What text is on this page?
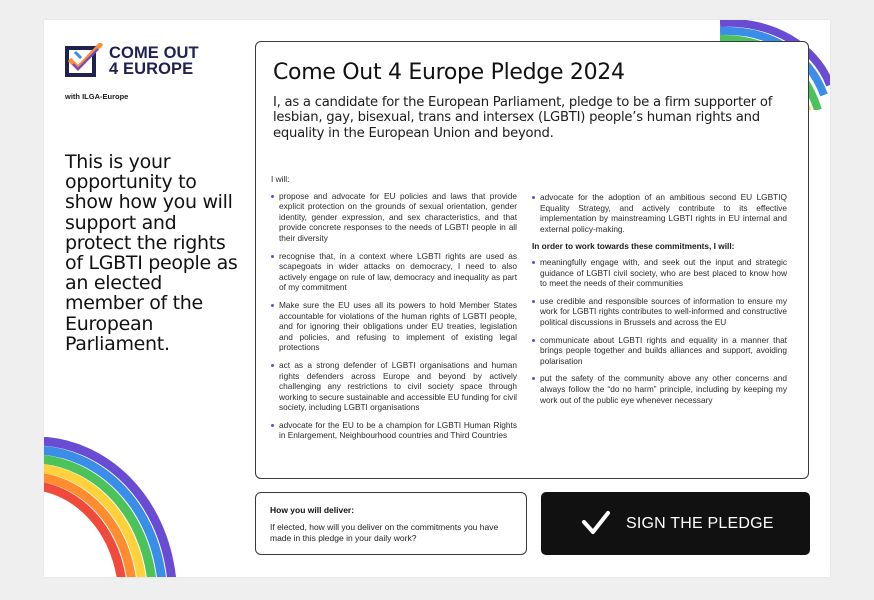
COME OUT
4 EUROPE
with ILGA-Europe
This is your opportunity to show how you will support and protect the rights of LGBTI people as an elected member of the European Parliament.
Come Out 4 Europe Pledge 2024
I, as a candidate for the European Parliament, pledge to be a firm supporter of lesbian, gay, bisexual, trans and intersex (LGBTI) people’s human rights and equality in the European Union and beyond.
I will:
propose and advocate for EU policies and laws that provide explicit protection on the grounds of sexual orientation, gender identity, gender expression, and sex characteristics, and that provide concrete responses to the needs of LGBTI people in all their diversity
recognise that, in a context where LGBTI rights are used as scapegoats in wider attacks on democracy, I need to also actively engage on rule of law, democracy and inequality as part of my commitment
Make sure the EU uses all its powers to hold Member States accountable for violations of the human rights of LGBTI people, and for ignoring their obligations under EU treaties, legislation and policies, and refusing to implement of existing legal protections
act as a strong defender of LGBTI organisations and human rights defenders across Europe and beyond by actively challenging any restrictions to civil society space through working to secure sustainable and accessible EU funding for civil society, including LGBTI organisations
advocate for the EU to be a champion for LGBTI Human Rights in Enlargement, Neighbourhood countries and Third Countries
advocate for the adoption of an ambitious second EU LGBTIQ Equality Strategy, and actively contribute to its effective implementation by mainstreaming LGBTI rights in EU internal and external policy-making.
In order to work towards these commitments, I will:
meaningfully engage with, and seek out the input and strategic guidance of LGBTI civil society, who are best placed to know how to meet the needs of their communities
use credible and responsible sources of information to ensure my work for LGBTI rights contributes to well-informed and constructive political discussions in Brussels and across the EU
communicate about LGBTI rights and equality in a manner that brings people together and builds alliances and support, avoiding polarisation
put the safety of the community above any other concerns and always follow the “do no harm” principle, including by keeping my work out of the public eye whenever necessary
How you will deliver:
If elected, how will you deliver on the commitments you have made in this pledge in your daily work?
SIGN THE PLEDGE
